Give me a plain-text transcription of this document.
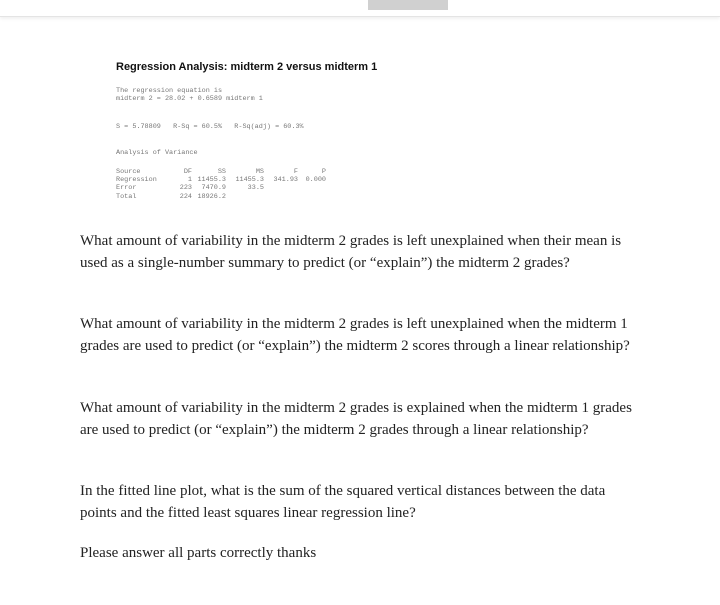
Regression Analysis: midterm 2 versus midterm 1
The regression equation is
midterm 2 = 28.02 + 0.6589 midterm 1
S = 5.78809   R-Sq = 60.5%   R-Sq(adj) = 60.3%
Analysis of Variance
Source	DF	SS	MS	F	P
Regression	1	11455.3	11455.3	341.93	0.000
Error	223	7470.9	33.5		
Total	224	18926.2			
What amount of variability in the midterm 2 grades is left unexplained when their mean is used as a single-number summary to predict (or “explain”) the midterm 2 grades?
What amount of variability in the midterm 2 grades is left unexplained when the midterm 1 grades are used to predict (or “explain”) the midterm 2 scores through a linear relationship?
What amount of variability in the midterm 2 grades is explained when the midterm 1 grades are used to predict (or “explain”) the midterm 2 grades through a linear relationship?
In the fitted line plot, what is the sum of the squared vertical distances between the data points and the fitted least squares linear regression line?
Please answer all parts correctly thanks
